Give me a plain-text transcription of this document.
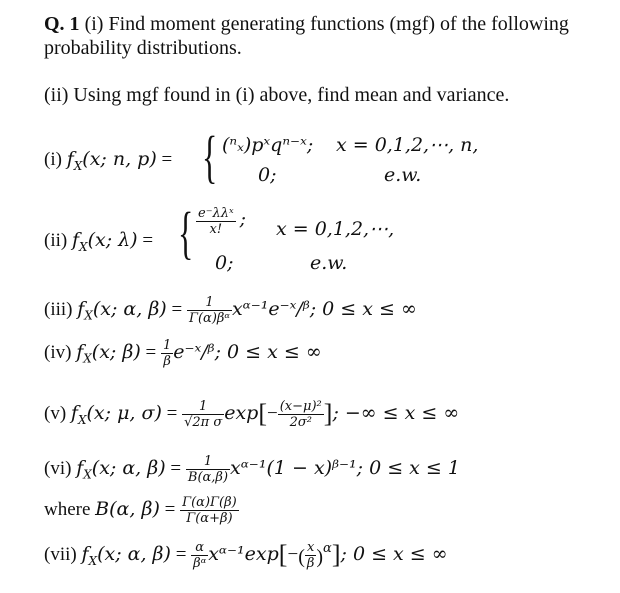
Q. 1 (i) Find moment generating functions (mgf) of the following
probability distributions.
(ii) Using mgf found in (i) above, find mean and variance.
(i) $f_X(x$; n, p) = { (ⁿₓ)pˣqⁿ⁻ˣ; x = 0,1,2,⋯, n,
0;	e.w.
(ii) $f_X(x$; λ) = { $\frac{\text{e⁻λλˣ}}{x!}$ ; x = 0,1,2,⋯,
0;	e.w.
(iii) $f_X(x$; α, $\beta) = \frac{1}{\text{Γ(α)βᵅ}}$ xᵅ⁻¹e⁻ˣ/ᵝ; 0 ≤ x ≤ ∞
(iv) $f_X(x$; $\beta) = \frac{1}{\beta}$ e⁻ˣ/ᵝ; 0 ≤ x ≤ ∞
(v) $f_X(x$; μ, $\sigma) = \frac{1}{\text{√2π σ}} \exp[- \frac{\text{(x−μ)²}}{\text{2σ²}}$ ]; −∞ ≤ x ≤ ∞
(vi) $f_X(x$; α, $\beta) = \frac{1}{B(\alpha,\beta)}$ xᵅ⁻¹(1 − x)ᵝ⁻¹; 0 ≤ x ≤ 1
where B(α, $\beta) = \frac{\Gamma(\alpha)\Gamma(\beta)}{\Gamma(\alpha+\beta)}$
(vii) $f_X(x$; α, $\beta) = \frac{\alpha}{\text{βᵅ}}$ xᵅ⁻¹exp[−( $\frac{x}{\beta} )^\alpha$]; 0 ≤ x ≤ ∞
